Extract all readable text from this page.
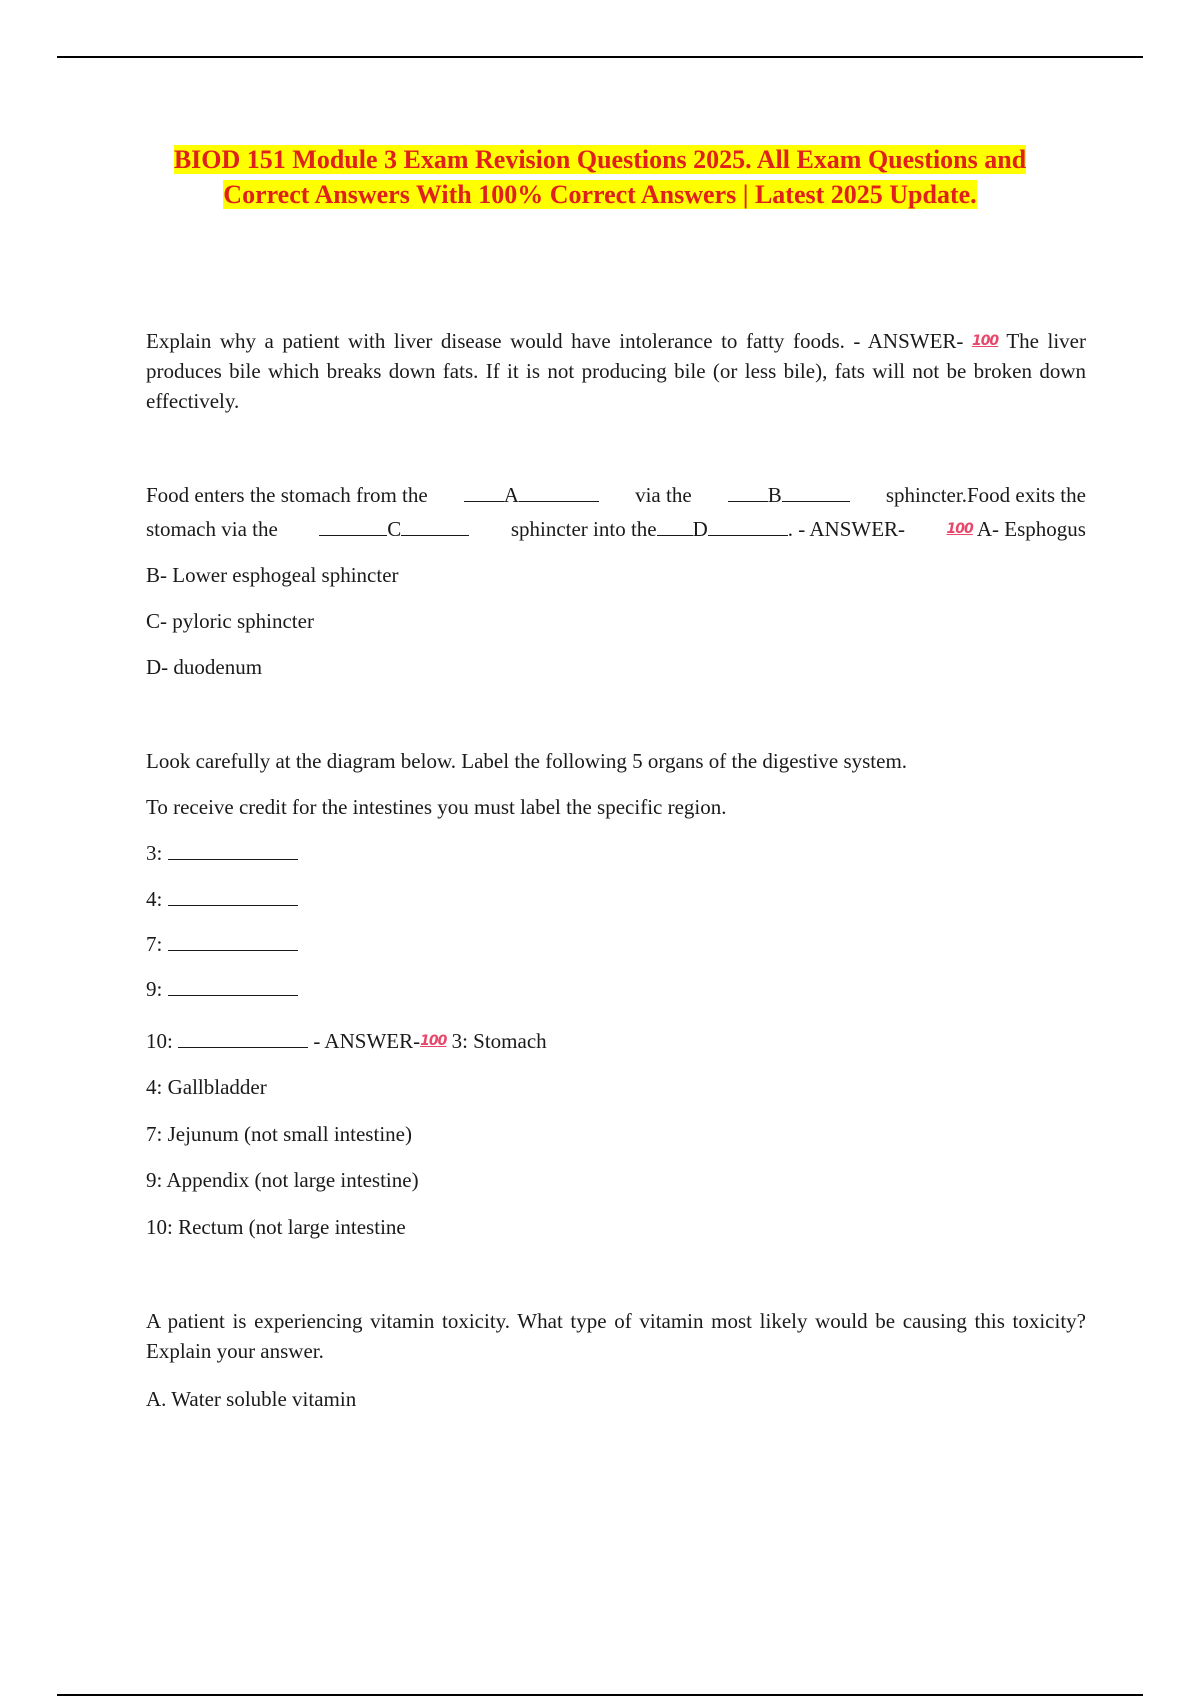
BIOD 151 Module 3 Exam Revision Questions 2025. All Exam Questions and
Correct Answers With 100% Correct Answers | Latest 2025 Update.
Explain why a patient with liver disease would have intolerance to fatty foods. - ANSWER- 100 The liver produces bile which breaks down fats. If it is not producing bile (or less bile), fats will not be broken down effectively.
Food enters the stomach from the	A	via the	B	sphincter.Food exits the
stomach via the	C	sphincter into the D	. - ANSWER-	100 A- Esphogus
B- Lower esphogeal sphincter
C- pyloric sphincter
D- duodenum
Look carefully at the diagram below. Label the following 5 organs of the digestive system.
To receive credit for the intestines you must label the specific region.
3:
4:
7:
9:
10:	- ANSWER-100 3: Stomach
4: Gallbladder
7: Jejunum (not small intestine)
9: Appendix (not large intestine)
10: Rectum (not large intestine
A patient is experiencing vitamin toxicity. What type of vitamin most likely would be causing this toxicity? Explain your answer.
A. Water soluble vitamin
